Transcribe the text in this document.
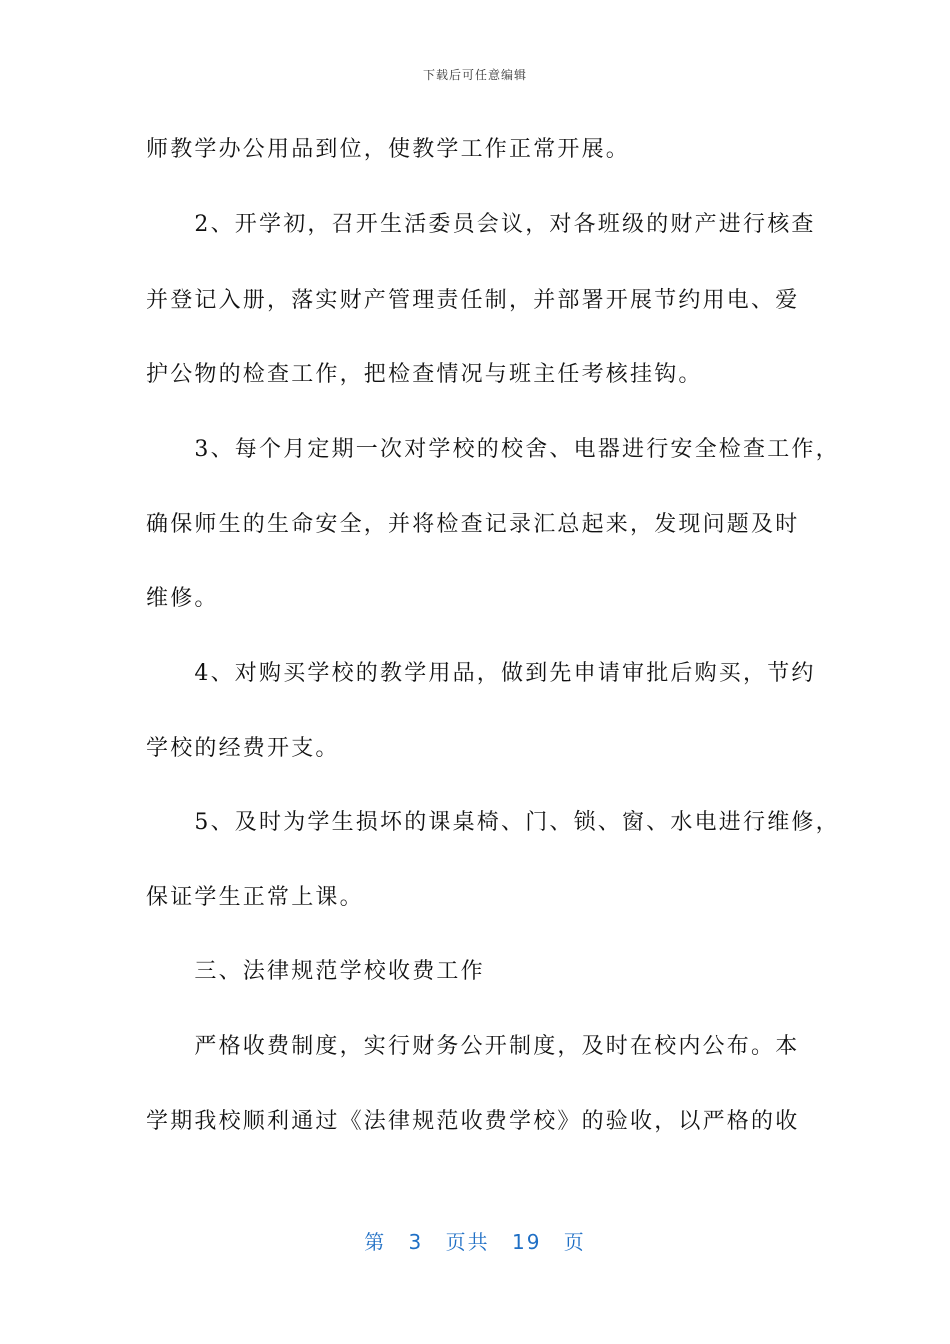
下载后可任意编辑
师教学办公用品到位，使教学工作正常开展。
　　2、开学初，召开生活委员会议，对各班级的财产进行核查
并登记入册，落实财产管理责任制，并部署开展节约用电、爱
护公物的检查工作，把检查情况与班主任考核挂钩。
　　3、每个月定期一次对学校的校舍、电器进行安全检查工作，
确保师生的生命安全，并将检查记录汇总起来，发现问题及时
维修。
　　4、对购买学校的教学用品，做到先申请审批后购买，节约
学校的经费开支。
　　5、及时为学生损坏的课桌椅、门、锁、窗、水电进行维修，
保证学生正常上课。
　　三、法律规范学校收费工作
　　严格收费制度，实行财务公开制度，及时在校内公布。本
学期我校顺利通过《法律规范收费学校》的验收，以严格的收
第 3 页共 19 页
